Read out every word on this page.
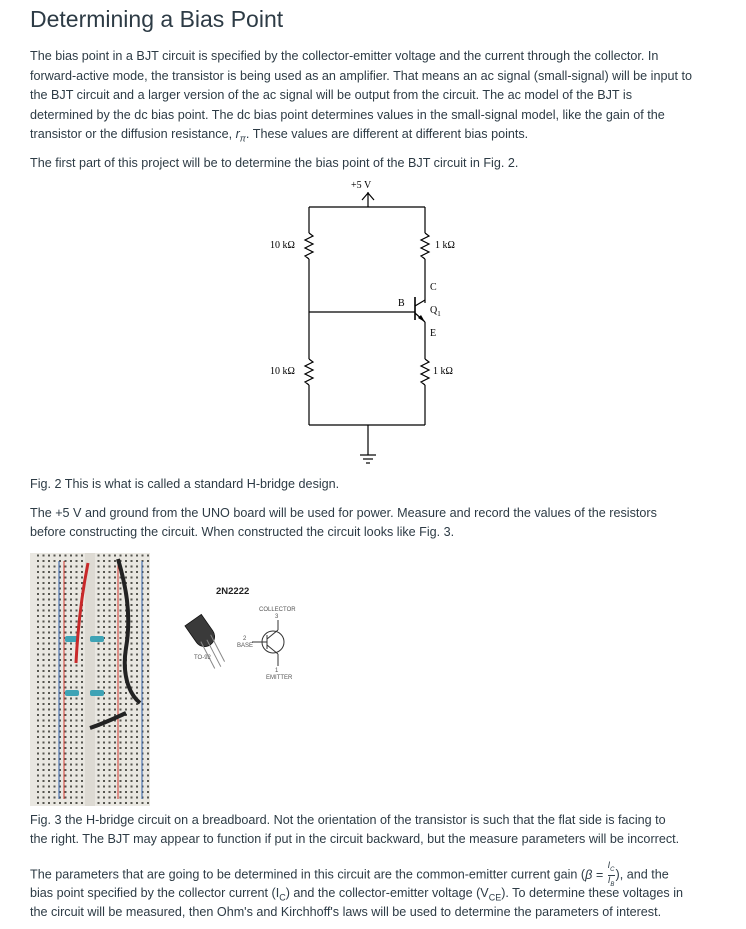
Determining a Bias Point

The bias point in a BJT circuit is specified by the collector-emitter voltage and the current through the collector. In

forward-active mode, the transistor is being used as an amplifier. That means an ac signal (small-signal) will be input to

the BJT circuit and a larger version of the ac signal will be output from the circuit. The ac model of the BJT is

determined by the dc bias point. The dc bias point determines values in the small-signal model, like the gain of the

transistor or the diffusion resistance, $r_\pi$. These values are different at different bias points.

The first part of this project will be to determine the bias point of the BJT circuit in Fig. 2.

+5 V
10 kΩ
10 kΩ
1 kΩ
1 kΩ
B
C
E
$Q_1$

Fig. 2 This is what is called a standard H-bridge design.

The +5 V and ground from the UNO board will be used for power. Measure and record the values of the resistors

before constructing the circuit. When constructed the circuit looks like Fig. 3.

2N2222
COLLECTOR
3
2
BASE
1
EMITTER
TO-92

Fig. 3 the H-bridge circuit on a breadboard. Not the orientation of the transistor is such that the flat side is facing to

the right. The BJT may appear to function if put in the circuit backward, but the measure parameters will be incorrect.

The parameters that are going to be determined in this circuit are the common-emitter current gain ($\beta = \frac{I_C}{I_B}$ ), and the

bias point specified by the collector current $(I_C)$ and the collector-emitter voltage $(V_{CE})$. To determine these voltages in

the circuit will be measured, then Ohm's and Kirchhoff's laws will be used to determine the parameters of interest.
